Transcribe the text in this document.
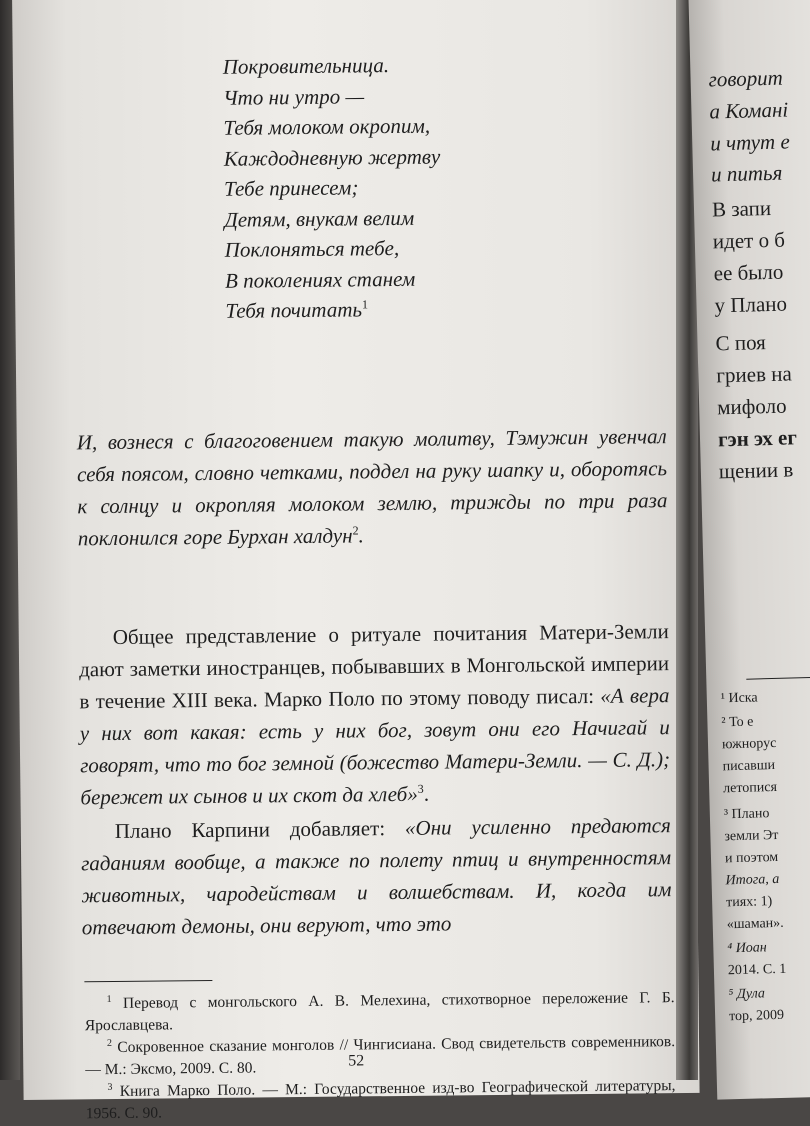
Покровительница.
Что ни утро —
Тебя молоком окропим,
Каждодневную жертву
Тебе принесем;
Детям, внукам велим
Поклоняться тебе,
В поколениях станем
Тебя почитать$^1$
И, вознеся с благоговением такую молитву, Тэмужин увенчал себя поясом, словно четками, поддел на руку шапку и, оборотясь к солнцу и окропляя молоком землю, трижды по три раза поклонился горе Бурхан халдун$^2$.
Общее представление о ритуале почитания Матери-Земли дают заметки иностранцев, побывавших в Монгольской империи в течение XIII века. Марко Поло по этому поводу писал: «А вера у них вот какая: есть у них бог, зовут они его Начигай и говорят, что то бог земной (божество Матери-Земли. — С. Д.); бережет их сынов и их скот да хлеб»$^3$.
Плано Карпини добавляет: «Они усиленно предаются гаданиям вообще, а также по полету птиц и внутренностям животных, чародействам и волшебствам. И, когда им отвечают демоны, они веруют, что это
$^1$ Перевод с монгольского А. В. Мелехина, стихотворное переложение Г. Б. Ярославцева.
$^2$ Сокровенное сказание монголов // Чингисиана. Свод свидетельств современников. — М.: Эксмо, 2009. С. 80.
$^3$ Книга Марко Поло. — М.: Государственное изд-во Географической литературы, 1956. С. 90.
52
говорит
а Комані
и чтут е
и питья
В запи
идет о б
ее было
у Плано
С поя
гриев на
мифоло
гэн эх ег
щении в
¹ Иска
² То е
южнорус
писавши
летопися
³ Плано
земли Эт
и поэтом
Итога, а
тиях: 1)
«шаман».
⁴ Иоан
2014. С. 1
⁵ Дула
тор, 2009
